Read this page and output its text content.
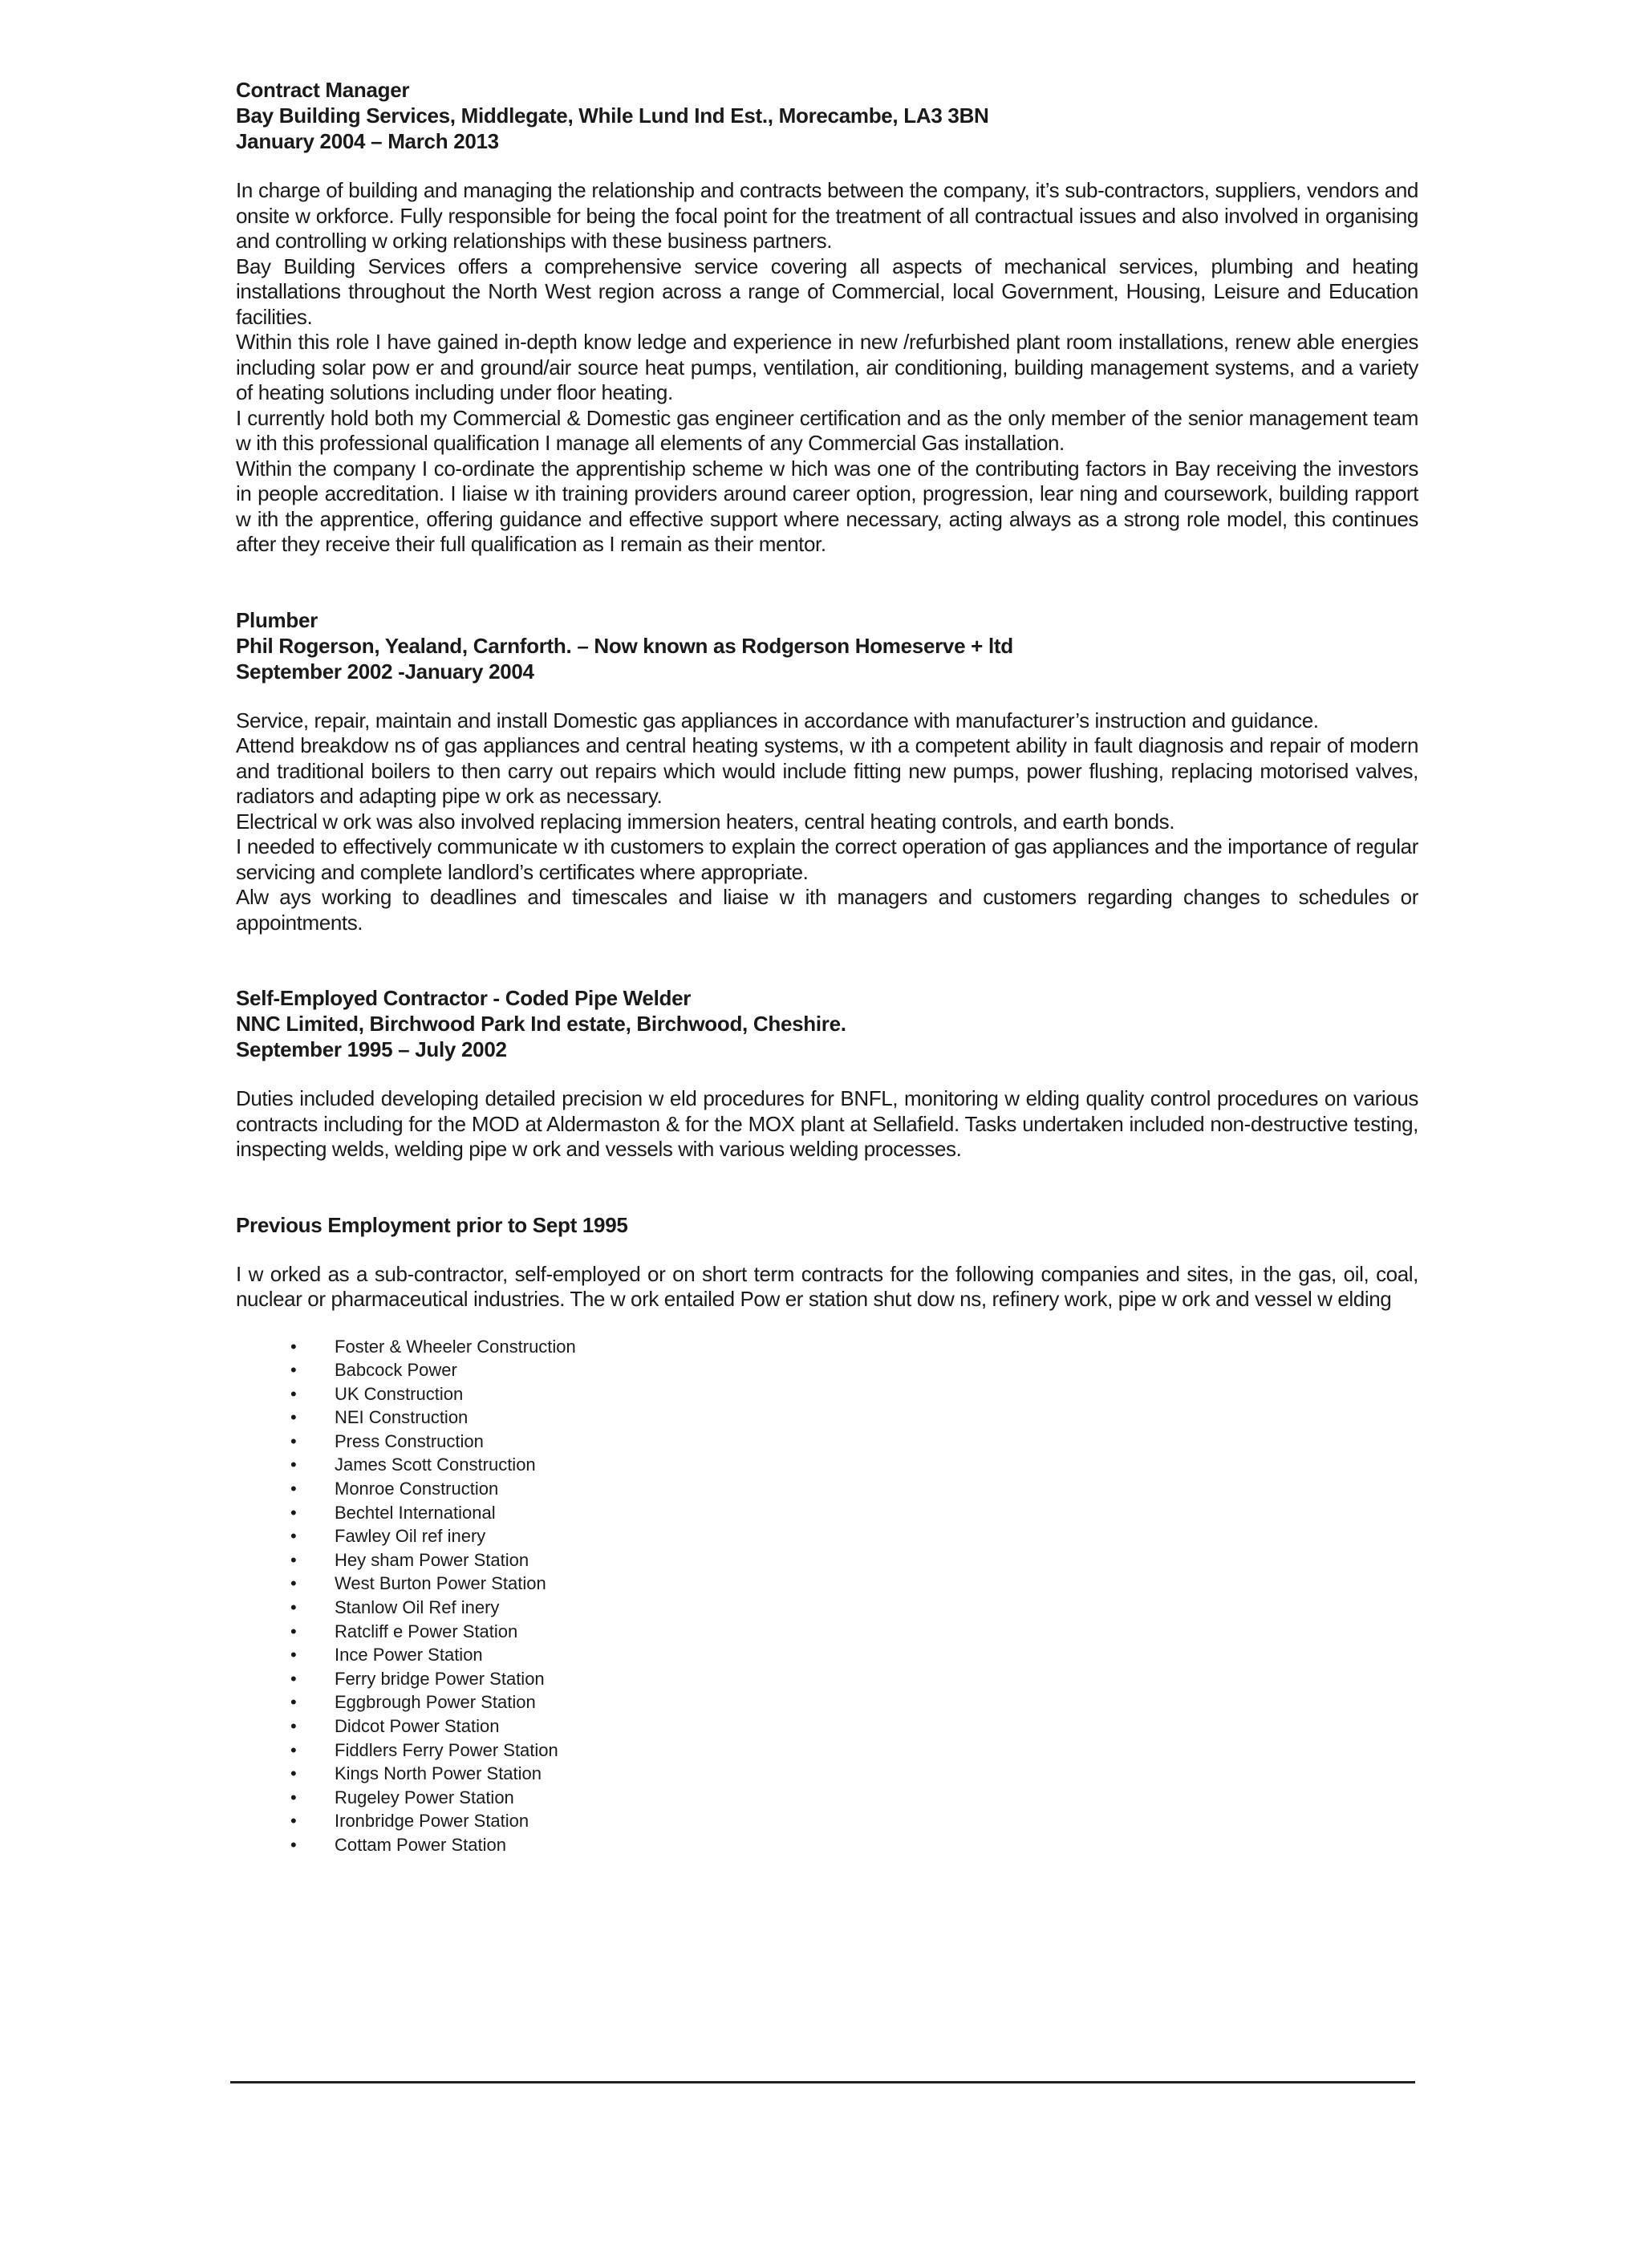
Contract Manager

Bay Building Services, Middlegate, While Lund Ind Est., Morecambe, LA3 3BN

January 2004 – March 2013

In charge of building and managing the relationship and contracts between the company, it’s sub-contractors, suppliers, vendors and onsite w orkforce. Fully responsible for being the focal point for the treatment of all contractual issues and also involved in organising and controlling w orking relationships with these business partners.

Bay Building Services offers a comprehensive service covering all aspects of mechanical services, plumbing and heating installations throughout the North West region across a range of Commercial, local Government, Housing, Leisure and Education facilities.

Within this role I have gained in-depth know ledge and experience in new /refurbished plant room installations, renew able energies including solar pow er and ground/air source heat pumps, ventilation, air conditioning, building management systems, and a variety of heating solutions including under floor heating.

I currently hold both my Commercial & Domestic gas engineer certification and as the only member of the senior management team w ith this professional qualification I manage all elements of any Commercial Gas installation.

Within the company I co-ordinate the apprentiship scheme w hich was one of the contributing factors in Bay receiving the investors in people accreditation. I liaise w ith training providers around career option, progression, lear ning and coursework, building rapport w ith the apprentice, offering guidance and effective support where necessary, acting always as a strong role model, this continues after they receive their full qualification as I remain as their mentor.

Plumber

Phil Rogerson, Yealand, Carnforth. – Now known as Rodgerson Homeserve + ltd

September 2002 -January 2004

Service, repair, maintain and install Domestic gas appliances in accordance with manufacturer’s instruction and guidance.

Attend breakdow ns of gas appliances and central heating systems, w ith a competent ability in fault diagnosis and repair of modern and traditional boilers to then carry out repairs which would include fitting new pumps, power flushing, replacing motorised valves, radiators and adapting pipe w ork as necessary.

Electrical w ork was also involved replacing immersion heaters, central heating controls, and earth bonds.

I needed to effectively communicate w ith customers to explain the correct operation of gas appliances and the importance of regular servicing and complete landlord’s certificates where appropriate.

Alw ays working to deadlines and timescales and liaise w ith managers and customers regarding changes to schedules or appointments.

Self-Employed Contractor - Coded Pipe Welder

NNC Limited, Birchwood Park Ind estate, Birchwood, Cheshire.

September 1995 – July 2002

Duties included developing detailed precision w eld procedures for BNFL, monitoring w elding quality control procedures on various contracts including for the MOD at Aldermaston & for the MOX plant at Sellafield. Tasks undertaken included non-destructive testing, inspecting welds, welding pipe w ork and vessels with various welding processes.

Previous Employment prior to Sept 1995

I w orked as a sub-contractor, self-employed or on short term contracts for the following companies and sites, in the gas, oil, coal, nuclear or pharmaceutical industries. The w ork entailed Pow er station shut dow ns, refinery work, pipe w ork and vessel w elding

• Foster & Wheeler Construction
• Babcock Power
• UK Construction
• NEI Construction
• Press Construction
• James Scott Construction
• Monroe Construction
• Bechtel International
• Fawley Oil ref inery
• Hey sham Power Station
• West Burton Power Station
• Stanlow Oil Ref inery
• Ratcliff e Power Station
• Ince Power Station
• Ferry bridge Power Station
• Eggbrough Power Station
• Didcot Power Station
• Fiddlers Ferry Power Station
• Kings North Power Station
• Rugeley Power Station
• Ironbridge Power Station
• Cottam Power Station
